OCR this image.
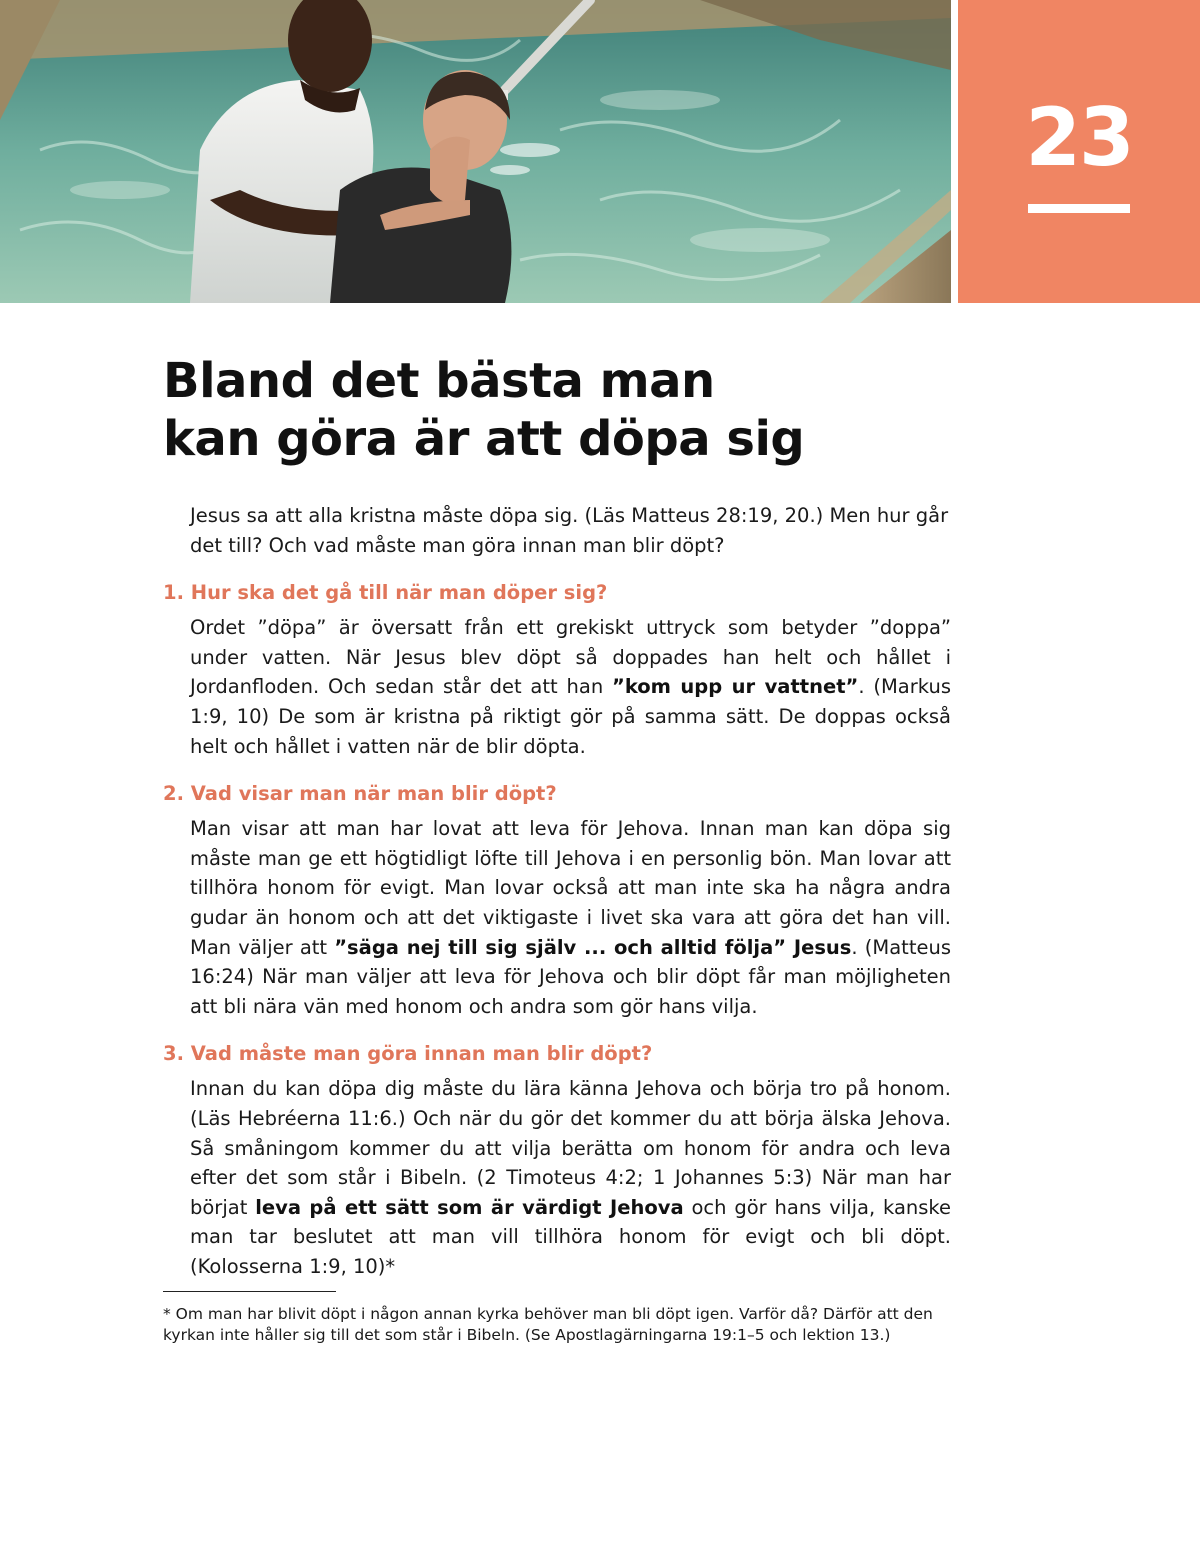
23
Bland det bästa man
kan göra är att döpa sig

Jesus sa att alla kristna måste döpa sig. (Läs Matteus 28:19, 20.) Men hur går det till? Och vad måste man göra innan man blir döpt?

1. Hur ska det gå till när man döper sig?

Ordet ”döpa” är översatt från ett grekiskt uttryck som betyder ”doppa” under vatten. När Jesus blev döpt så doppades han helt och hållet i Jordanfloden. Och sedan står det att han ”kom upp ur vattnet”. (Markus 1:9, 10) De som är kristna på riktigt gör på samma sätt. De doppas också helt och hållet i vatten när de blir döpta.

2. Vad visar man när man blir döpt?

Man visar att man har lovat att leva för Jehova. Innan man kan döpa sig måste man ge ett högtidligt löfte till Jehova i en personlig bön. Man lovar att tillhöra honom för evigt. Man lovar också att man inte ska ha några andra gudar än honom och att det viktigaste i livet ska vara att göra det han vill. Man väljer att ”säga nej till sig själv ... och alltid följa” Jesus. (Matteus 16:24) När man väljer att leva för Jehova och blir döpt får man möjligheten att bli nära vän med honom och andra som gör hans vilja.

3. Vad måste man göra innan man blir döpt?

Innan du kan döpa dig måste du lära känna Jehova och börja tro på honom. (Läs Hebréerna 11:6.) Och när du gör det kommer du att börja älska Jehova. Så småningom kommer du att vilja berätta om honom för andra och leva efter det som står i Bibeln. (2 Timoteus 4:2; 1 Johannes 5:3) När man har börjat leva på ett sätt som är värdigt Jehova och gör hans vilja, kanske man tar beslutet att man vill tillhöra honom för evigt och bli döpt. (Kolosserna 1:9, 10)*

* Om man har blivit döpt i någon annan kyrka behöver man bli döpt igen. Varför då? Därför att den kyrkan inte håller sig till det som står i Bibeln. (Se Apostlagärningarna 19:1–5 och lektion 13.)
